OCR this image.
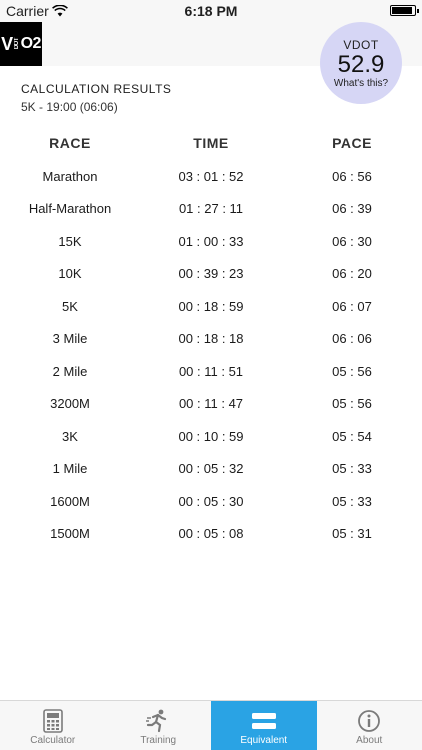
Carrier	6:18 PM
V DOT O2	VDOT
52.9
What's this?
CALCULATION RESULTS
5K - 19:00 (06:06)
RACE	TIME	PACE
Marathon	03 : 01 : 52	06 : 56
Half-Marathon	01 : 27 : 11	06 : 39
15K	01 : 00 : 33	06 : 30
10K	00 : 39 : 23	06 : 20
5K	00 : 18 : 59	06 : 07
3 Mile	00 : 18 : 18	06 : 06
2 Mile	00 : 11 : 51	05 : 56
3200M	00 : 11 : 47	05 : 56
3K	00 : 10 : 59	05 : 54
1 Mile	00 : 05 : 32	05 : 33
1600M	00 : 05 : 30	05 : 33
1500M	00 : 05 : 08	05 : 31
Calculator	Training	Equivalent	About
